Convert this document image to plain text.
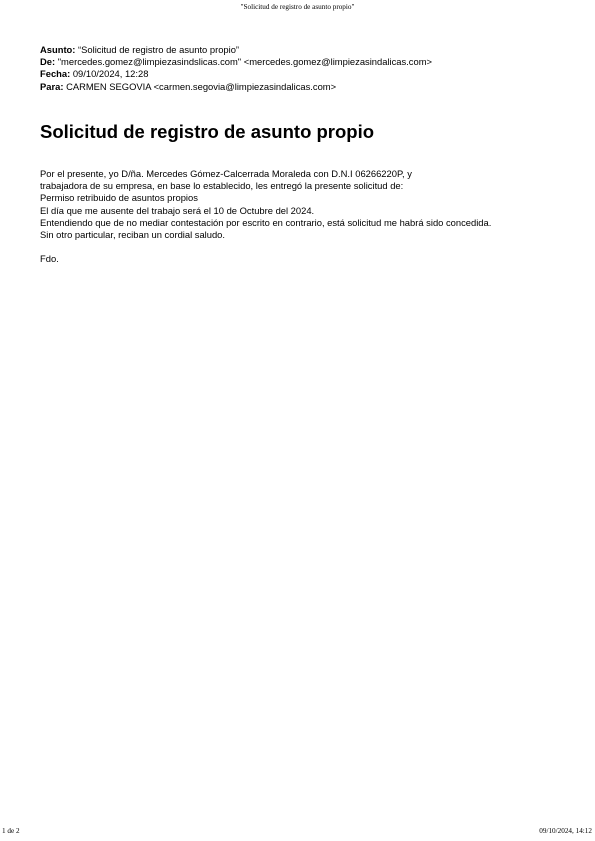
"Solicitud de registro de asunto propio"
Asunto: “Solicitud de registro de asunto propio”
De: "mercedes.gomez@limpiezasindslicas.com" <mercedes.gomez@limpiezasindalicas.com>
Fecha: 09/10/2024, 12:28
Para: CARMEN SEGOVIA <carmen.segovia@limpiezasindalicas.com>
Solicitud de registro de asunto propio

Por el presente, yo D/ña. Mercedes Gómez-Calcerrada Moraleda con D.N.I 06266220P, y

trabajadora de su empresa, en base lo establecido, les entregó la presente solicitud de:

Permiso retribuido de asuntos propios

El día que me ausente del trabajo será el 10 de Octubre del 2024.

Entendiendo que de no mediar contestación por escrito en contrario, está solicitud me habrá sido concedida.

Sin otro particular, reciban un cordial saludo.

Fdo.

1 de 2	09/10/2024, 14:12
